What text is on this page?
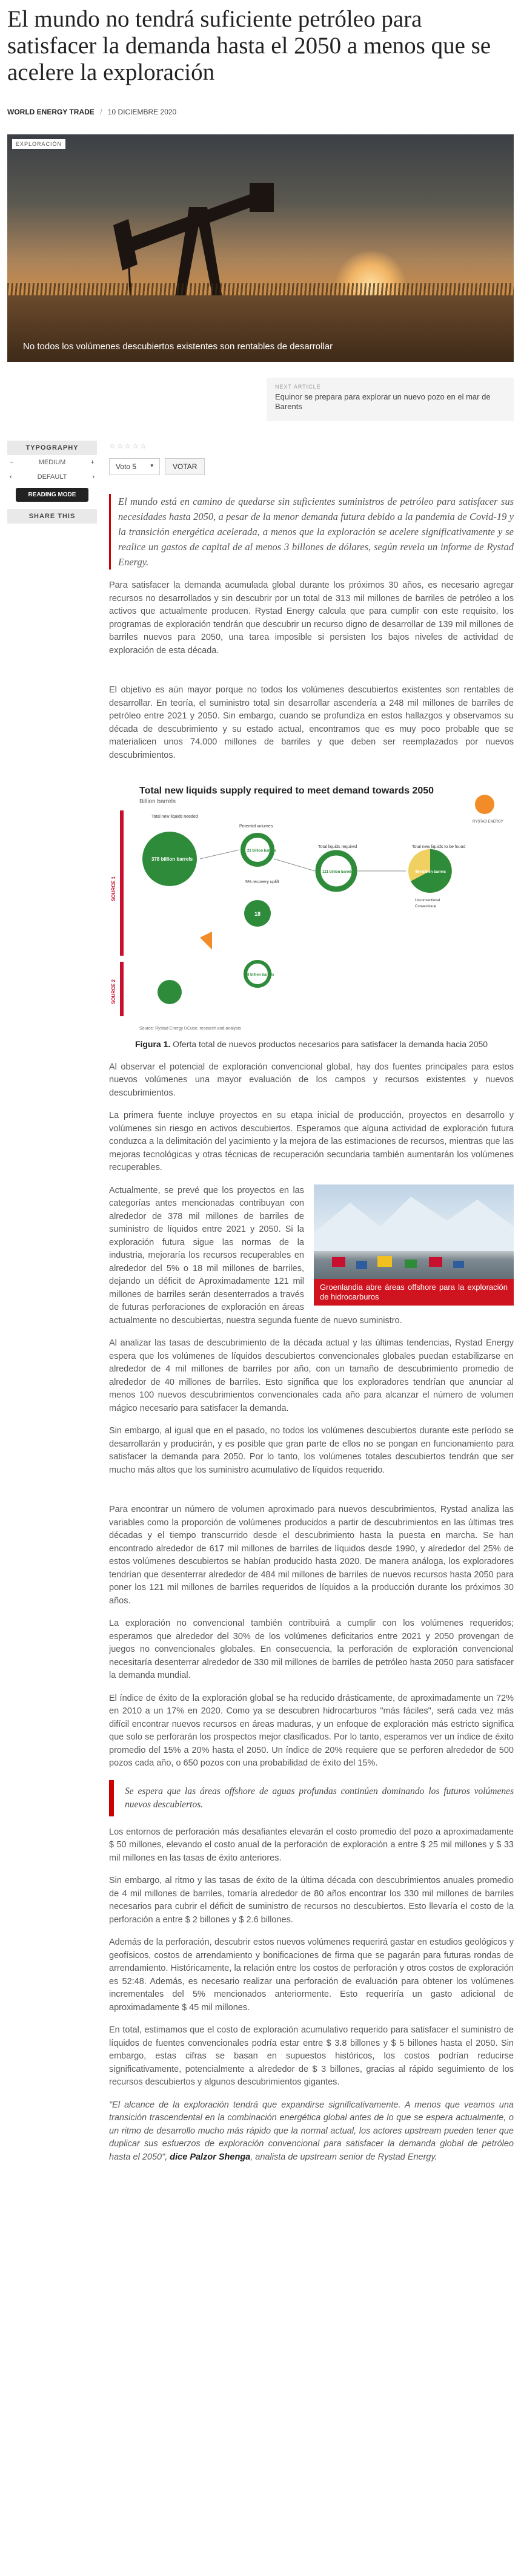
El mundo no tendrá suficiente petróleo para satisfacer la demanda hasta el 2050 a menos que se acelere la exploración
WORLD ENERGY TRADE / 10 DICIEMBRE 2020
EXPLORACIÓN
No todos los volúmenes descubiertos existentes son rentables de desarrollar
NEXT ARTICLE
Equinor se prepara para explorar un nuevo pozo en el mar de Barents
TYPOGRAPHY
−	MEDIUM	+
‹	DEFAULT	›
READING MODE
SHARE THIS
☆☆☆☆☆
Voto 5	▾	VOTAR

El mundo está en camino de quedarse sin suficientes suministros de petróleo para satisfacer sus necesidades hasta 2050, a pesar de la menor demanda futura debido a la pandemia de Covid-19 y la transición energética acelerada, a menos que la exploración se acelere significativamente y se realice un gastos de capital de al menos 3 billones de dólares, según revela un informe de Rystad Energy.

Para satisfacer la demanda acumulada global durante los próximos 30 años, es necesario agregar recursos no desarrollados y sin descubrir por un total de 313 mil millones de barriles de petróleo a los activos que actualmente producen. Rystad Energy calcula que para cumplir con este requisito, los programas de exploración tendrán que descubrir un recurso digno de desarrollar de 139 mil millones de barriles nuevos para 2050, una tarea imposible si persisten los bajos niveles de actividad de exploración de esta década.

El objetivo es aún mayor porque no todos los volúmenes descubiertos existentes son rentables de desarrollar. En teoría, el suministro total sin desarrollar ascendería a 248 mil millones de barriles de petróleo entre 2021 y 2050. Sin embargo, cuando se profundiza en estos hallazgos y observamos su década de descubrimiento y su estado actual, encontramos que es muy poco probable que se materialicen unos 74.000 millones de barriles y que deben ser reemplazados por nuevos descubrimientos.

Total new liquids supply required to meet demand towards 2050
Billion barrels
RYSTAD ENERGY
SOURCE 1
SOURCE 2
Total new liquids needed
378 billion barrels
Potential volumes
21 billion barrels
Total liquids required
121 billion barrels
Total new liquids to be found
484 billion barrels
Unconventional
Conventional
5% recovery uplift
18
8 billion barrels
Source: Rystad Energy UCube, research and analysis

Figura 1. Oferta total de nuevos productos necesarios para satisfacer la demanda hacia 2050

Al observar el potencial de exploración convencional global, hay dos fuentes principales para estos nuevos volúmenes una mayor evaluación de los campos y recursos existentes y nuevos descubrimientos.

La primera fuente incluye proyectos en su etapa inicial de producción, proyectos en desarrollo y volúmenes sin riesgo en activos descubiertos. Esperamos que alguna actividad de exploración futura conduzca a la delimitación del yacimiento y la mejora de las estimaciones de recursos, mientras que las mejoras tecnológicas y otras técnicas de recuperación secundaria también aumentarán los volúmenes recuperables.

Groenlandia abre áreas offshore para la exploración de hidrocarburos

Actualmente, se prevé que los proyectos en las categorías antes mencionadas contribuyan con alrededor de 378 mil millones de barriles de suministro de líquidos entre 2021 y 2050. Si la exploración futura sigue las normas de la industria, mejoraría los recursos recuperables en alrededor del 5% o 18 mil millones de barriles, dejando un déficit de Aproximadamente 121 mil millones de barriles serán desenterrados a través de futuras perforaciones de exploración en áreas actualmente no descubiertas, nuestra segunda fuente de nuevo suministro.

Al analizar las tasas de descubrimiento de la década actual y las últimas tendencias, Rystad Energy espera que los volúmenes de líquidos descubiertos convencionales globales puedan estabilizarse en alrededor de 4 mil millones de barriles por año, con un tamaño de descubrimiento promedio de alrededor de 40 millones de barriles. Esto significa que los exploradores tendrían que anunciar al menos 100 nuevos descubrimientos convencionales cada año para alcanzar el número de volumen mágico necesario para satisfacer la demanda.

Sin embargo, al igual que en el pasado, no todos los volúmenes descubiertos durante este período se desarrollarán y producirán, y es posible que gran parte de ellos no se pongan en funcionamiento para satisfacer la demanda para 2050. Por lo tanto, los volúmenes totales descubiertos tendrán que ser mucho más altos que los suministro acumulativo de líquidos requerido.

Para encontrar un número de volumen aproximado para nuevos descubrimientos, Rystad analiza las variables como la proporción de volúmenes producidos a partir de descubrimientos en las últimas tres décadas y el tiempo transcurrido desde el descubrimiento hasta la puesta en marcha. Se han encontrado alrededor de 617 mil millones de barriles de líquidos desde 1990, y alrededor del 25% de estos volúmenes descubiertos se habían producido hasta 2020. De manera análoga, los exploradores tendrían que desenterrar alrededor de 484 mil millones de barriles de nuevos recursos hasta 2050 para poner los 121 mil millones de barriles requeridos de líquidos a la producción durante los próximos 30 años.

La exploración no convencional también contribuirá a cumplir con los volúmenes requeridos; esperamos que alrededor del 30% de los volúmenes deficitarios entre 2021 y 2050 provengan de juegos no convencionales globales. En consecuencia, la perforación de exploración convencional necesitaría desenterrar alrededor de 330 mil millones de barriles de petróleo hasta 2050 para satisfacer la demanda mundial.

El índice de éxito de la exploración global se ha reducido drásticamente, de aproximadamente un 72% en 2010 a un 17% en 2020. Como ya se descubren hidrocarburos "más fáciles", será cada vez más difícil encontrar nuevos recursos en áreas maduras, y un enfoque de exploración más estricto significa que solo se perforarán los prospectos mejor clasificados. Por lo tanto, esperamos ver un índice de éxito promedio del 15% a 20% hasta el 2050. Un índice de 20% requiere que se perforen alrededor de 500 pozos cada año, o 650 pozos con una probabilidad de éxito del 15%.

Se espera que las áreas offshore de aguas profundas continúen dominando los futuros volúmenes nuevos descubiertos.

Los entornos de perforación más desafiantes elevarán el costo promedio del pozo a aproximadamente $ 50 millones, elevando el costo anual de la perforación de exploración a entre $ 25 mil millones y $ 33 mil millones en las tasas de éxito anteriores.

Sin embargo, al ritmo y las tasas de éxito de la última década con descubrimientos anuales promedio de 4 mil millones de barriles, tomaría alrededor de 80 años encontrar los 330 mil millones de barriles necesarios para cubrir el déficit de suministro de recursos no descubiertos. Esto llevaría el costo de la perforación a entre $ 2 billones y $ 2.6 billones.

Además de la perforación, descubrir estos nuevos volúmenes requerirá gastar en estudios geológicos y geofísicos, costos de arrendamiento y bonificaciones de firma que se pagarán para futuras rondas de arrendamiento. Históricamente, la relación entre los costos de perforación y otros costos de exploración es 52:48. Además, es necesario realizar una perforación de evaluación para obtener los volúmenes incrementales del 5% mencionados anteriormente. Esto requeriría un gasto adicional de aproximadamente $ 45 mil millones.

En total, estimamos que el costo de exploración acumulativo requerido para satisfacer el suministro de líquidos de fuentes convencionales podría estar entre $ 3.8 billones y $ 5 billones hasta el 2050. Sin embargo, estas cifras se basan en supuestos históricos, los costos podrían reducirse significativamente, potencialmente a alrededor de $ 3 billones, gracias al rápido seguimiento de los recursos descubiertos y algunos descubrimientos gigantes.

"El alcance de la exploración tendrá que expandirse significativamente. A menos que veamos una transición trascendental en la combinación energética global antes de lo que se espera actualmente, o un ritmo de desarrollo mucho más rápido que la normal actual, los actores upstream pueden tener que duplicar sus esfuerzos de exploración convencional para satisfacer la demanda global de petróleo hasta el 2050", dice Palzor Shenga, analista de upstream senior de Rystad Energy.
